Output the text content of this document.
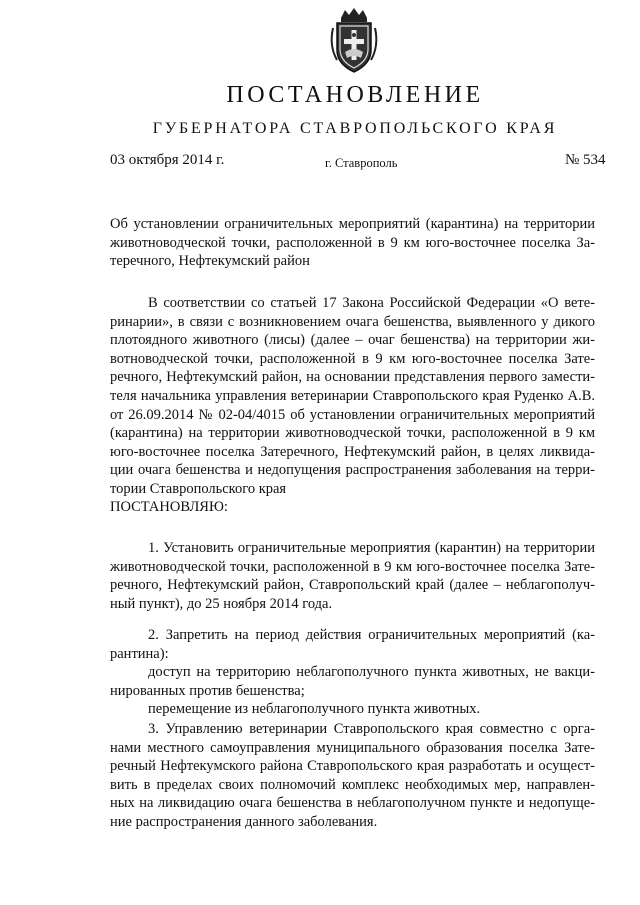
ПОСТАНОВЛЕНИЕ
ГУБЕРНАТОРА СТАВРОПОЛЬСКОГО КРАЯ
03 октября 2014 г.	г. Ставрополь	№ 534
Об установлении ограничительных мероприятий (карантина) на территории
животноводческой точки, расположенной в 9 км юго-восточнее поселка За-
теречного, Нефтекумский район
В соответствии со статьей 17 Закона Российской Федерации «О вете-
ринарии», в связи с возникновением очага бешенства, выявленного у дикого
плотоядного животного (лисы) (далее – очаг бешенства) на территории жи-
вотноводческой точки, расположенной в 9 км юго-восточнее поселка Зате-
речного, Нефтекумский район, на основании представления первого замести-
теля начальника управления ветеринарии Ставропольского края Руденко А.В.
от 26.09.2014 № 02-04/4015 об установлении ограничительных мероприятий
(карантина) на территории животноводческой точки, расположенной в 9 км
юго-восточнее поселка Затеречного, Нефтекумский район, в целях ликвида-
ции очага бешенства и недопущения распространения заболевания на терри-
тории Ставропольского края
ПОСТАНОВЛЯЮ:
1. Установить ограничительные мероприятия (карантин) на территории
животноводческой точки, расположенной в 9 км юго-восточнее поселка Зате-
речного, Нефтекумский район, Ставропольский край (далее – неблагополуч-
ный пункт), до 25 ноября 2014 года.
2. Запретить на период действия ограничительных мероприятий (ка-
рантина):
доступ на территорию неблагополучного пункта животных, не вакци-
нированных против бешенства;
перемещение из неблагополучного пункта животных.
3. Управлению ветеринарии Ставропольского края совместно с орга-
нами местного самоуправления муниципального образования поселка Зате-
речный Нефтекумского района Ставропольского края разработать и осущест-
вить в пределах своих полномочий комплекс необходимых мер, направлен-
ных на ликвидацию очага бешенства в неблагополучном пункте и недопуще-
ние распространения данного заболевания.
